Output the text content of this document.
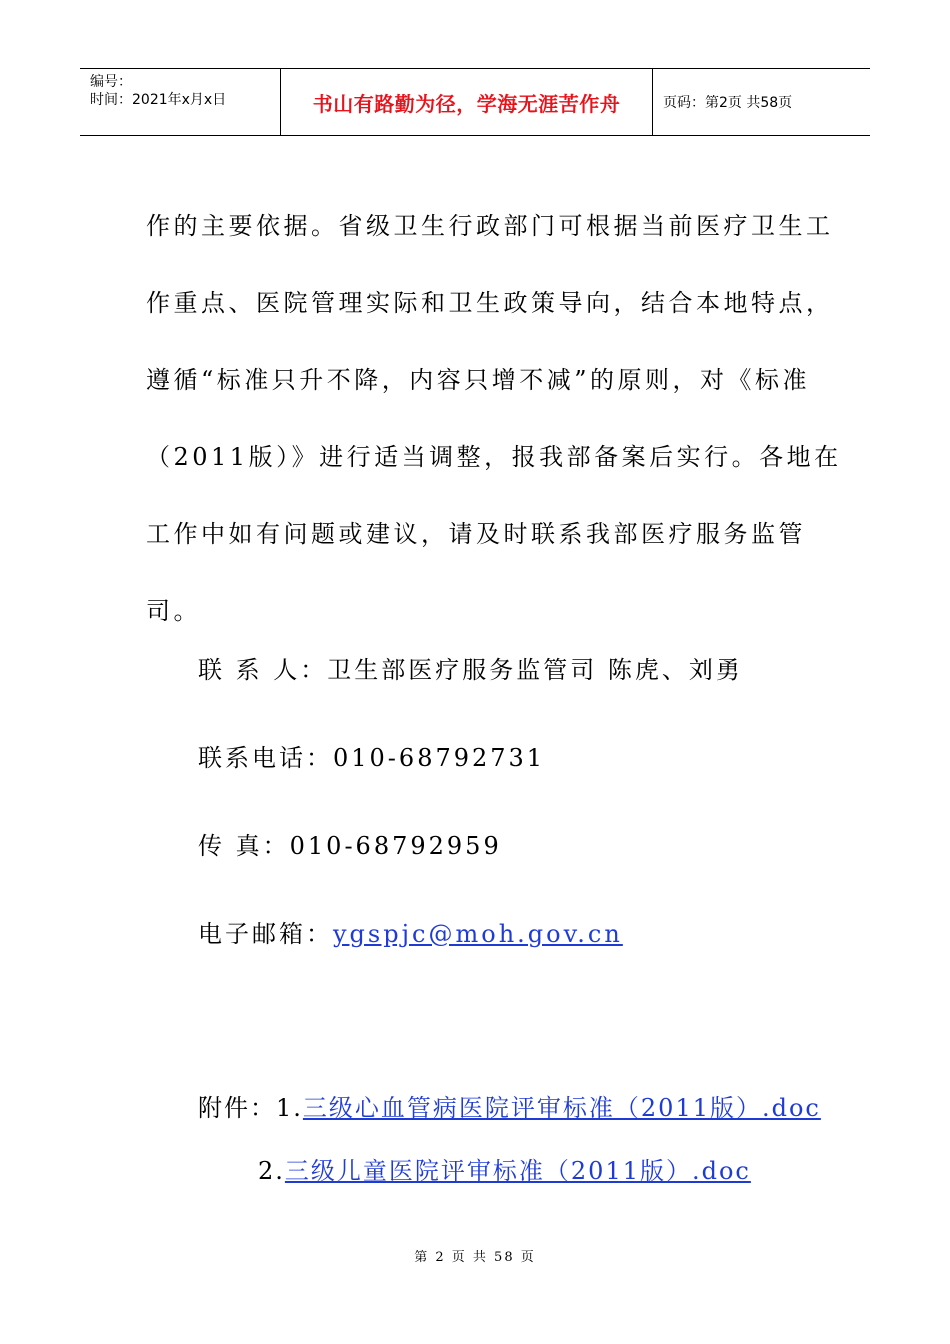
编号：
时间：2021年x月x日	书山有路勤为径，学海无涯苦作舟	页码：第2页 共58页

作的主要依据。省级卫生行政部门可根据当前医疗卫生工

作重点、医院管理实际和卫生政策导向，结合本地特点，

遵循“标准只升不降，内容只增不减”的原则，对《标准

（2011版）》进行适当调整，报我部备案后实行。各地在

工作中如有问题或建议，请及时联系我部医疗服务监管

司。

联 系 人：卫生部医疗服务监管司 陈虎、刘勇
联系电话：010-68792731
传 真：010-68792959
电子邮箱：ygspjc@moh.gov.cn
附件：1.三级心血管病医院评审标准（2011版）.doc
2.三级儿童医院评审标准（2011版）.doc
第 2 页 共 58 页
